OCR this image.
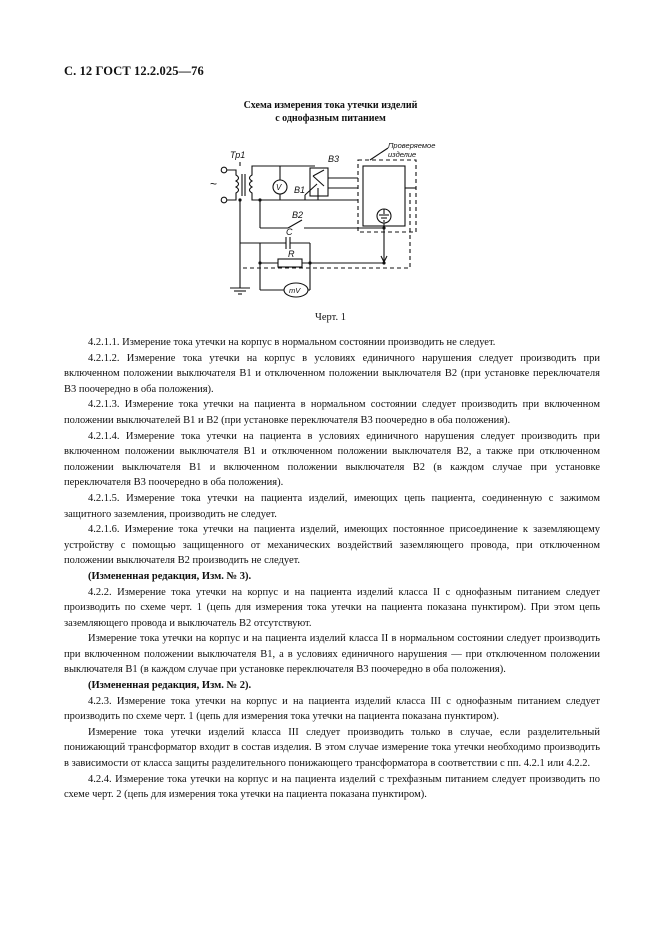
С. 12 ГОСТ 12.2.025—76
Схема измерения тока утечки изделий
с однофазным питанием
~
Тр1
V В1
В3
В2
С
R
mV
Проверяемое
изделие
Черт. 1

4.2.1.1. Измерение тока утечки на корпус в нормальном состоянии производить не следует.

4.2.1.2. Измерение тока утечки на корпус в условиях единичного нарушения следует производить при включенном положении выключателя В1 и отключенном положении выключателя В2 (при установке переключателя В3 поочередно в оба положения).

4.2.1.3. Измерение тока утечки на пациента в нормальном состоянии следует производить при включенном положении выключателей В1 и В2 (при установке переключателя В3 поочередно в оба положения).

4.2.1.4. Измерение тока утечки на пациента в условиях единичного нарушения следует производить при включенном положении выключателя В1 и отключенном положении выключателя В2, а также при отключенном положении выключателя В1 и включенном положении выключателя В2 (в каждом случае при установке переключателя В3 поочередно в оба положения).

4.2.1.5. Измерение тока утечки на пациента изделий, имеющих цепь пациента, соединенную с зажимом защитного заземления, производить не следует.

4.2.1.6. Измерение тока утечки на пациента изделий, имеющих постоянное присоединение к заземляющему устройству с помощью защищенного от механических воздействий заземляющего провода, при отключенном положении выключателя В2 производить не следует.

(Измененная редакция, Изм. № 3).

4.2.2. Измерение тока утечки на корпус и на пациента изделий класса II с однофазным питанием следует производить по схеме черт. 1 (цепь для измерения тока утечки на пациента показана пунктиром). При этом цепь заземляющего провода и выключатель В2 отсутствуют.

Измерение тока утечки на корпус и на пациента изделий класса II в нормальном состоянии следует производить при включенном положении выключателя В1, а в условиях единичного нарушения — при отключенном положении выключателя В1 (в каждом случае при установке переключателя В3 поочередно в оба положения).

(Измененная редакция, Изм. № 2).

4.2.3. Измерение тока утечки на корпус и на пациента изделий класса III с однофазным питанием следует производить по схеме черт. 1 (цепь для измерения тока утечки на пациента показана пунктиром).

Измерение тока утечки изделий класса III следует производить только в случае, если разделительный понижающий трансформатор входит в состав изделия. В этом случае измерение тока утечки необходимо производить в зависимости от класса защиты разделительного понижающего трансформатора в соответствии с пп. 4.2.1 или 4.2.2.

4.2.4. Измерение тока утечки на корпус и на пациента изделий с трехфазным питанием следует производить по схеме черт. 2 (цепь для измерения тока утечки на пациента показана пунктиром).
